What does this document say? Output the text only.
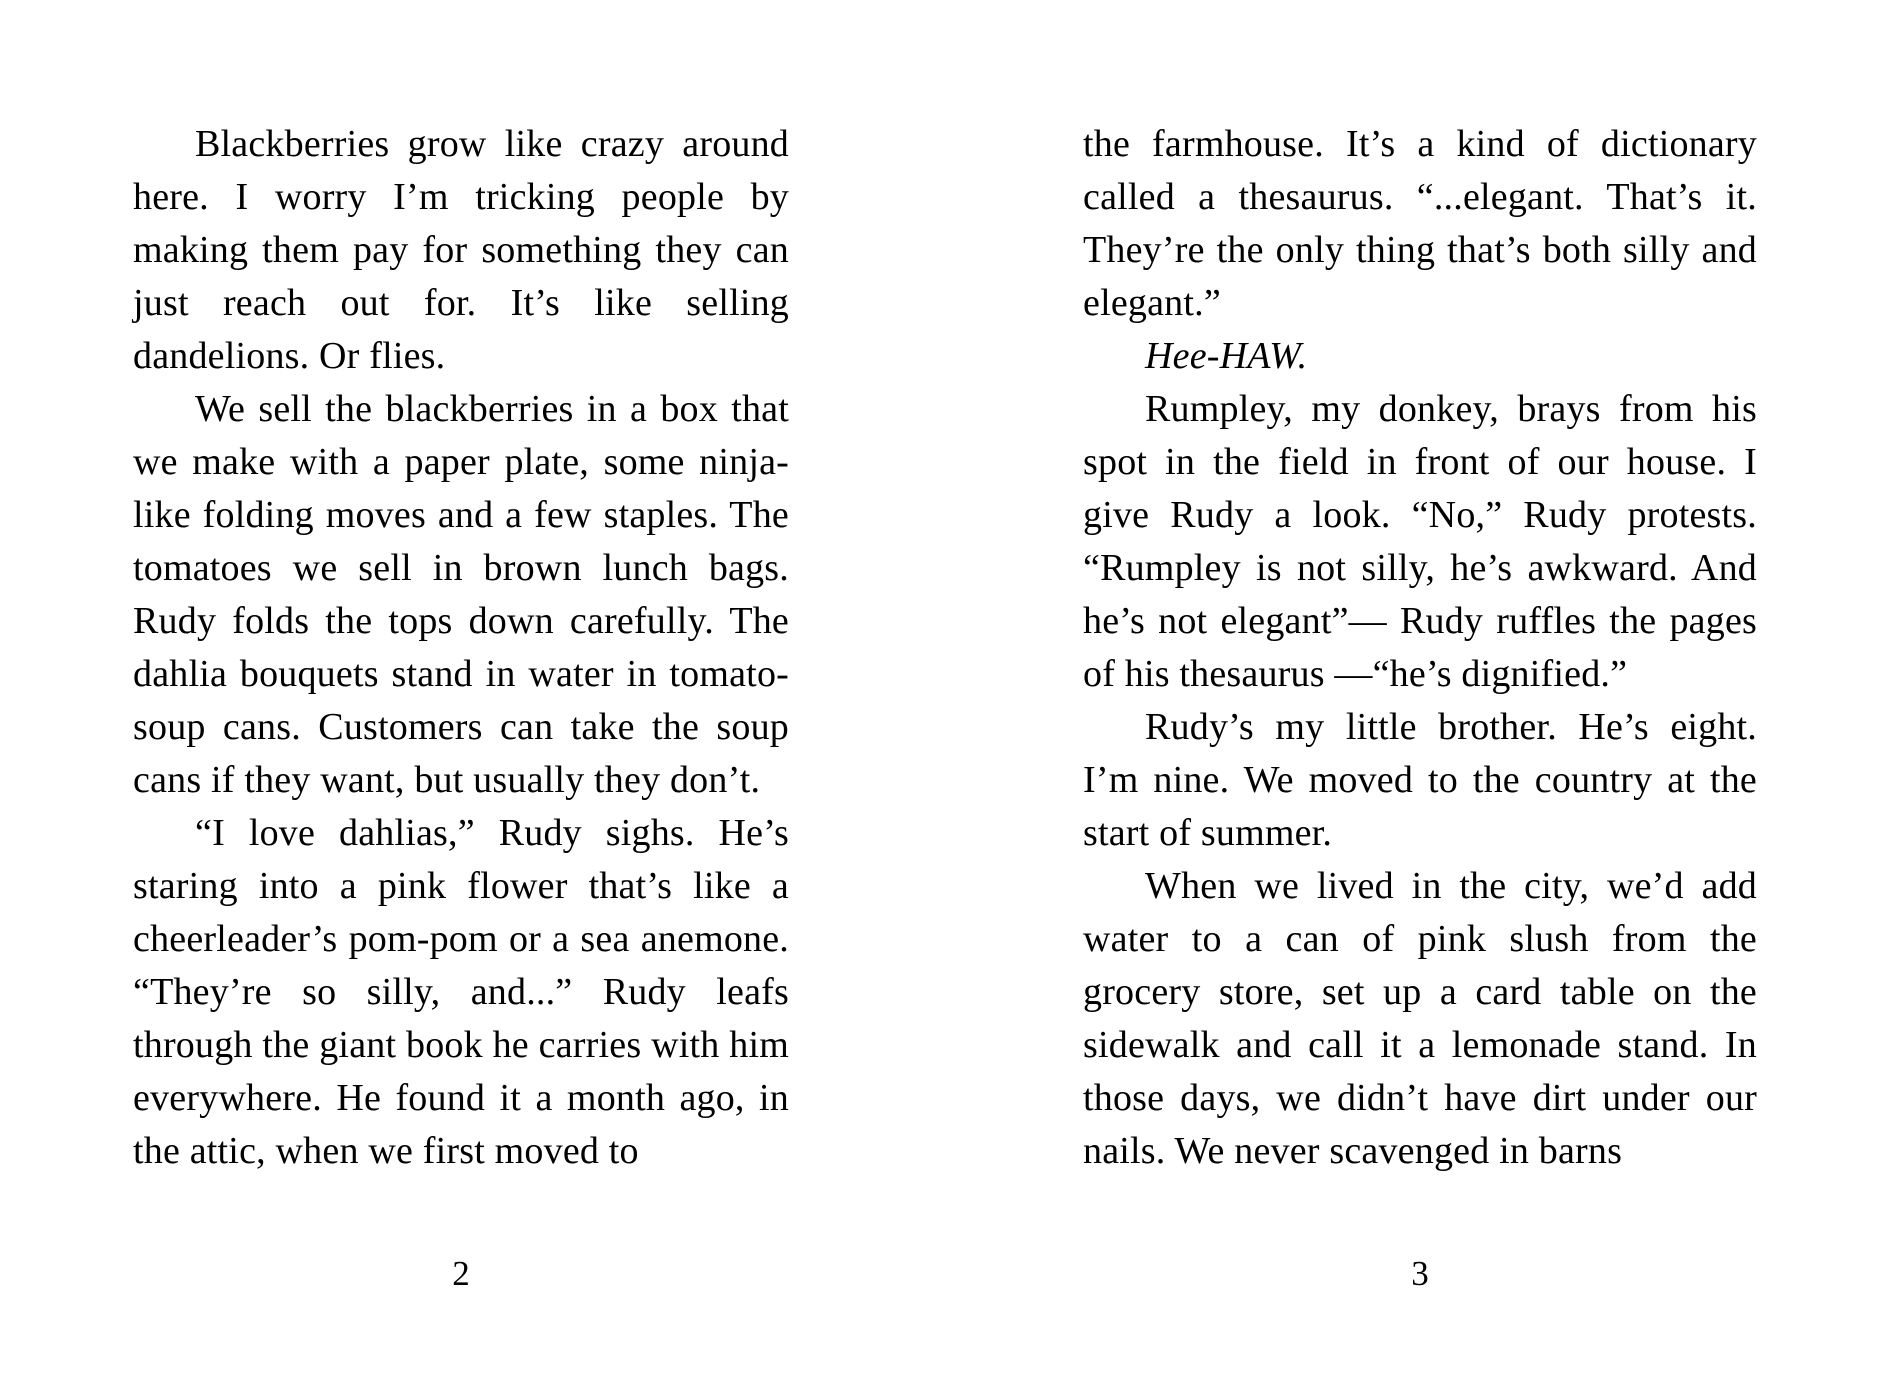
Blackberries grow like crazy around here. I worry I’m tricking people by making them pay for something they can just reach out for. It’s like selling dandelions. Or flies.

We sell the blackberries in a box that we make with a paper plate, some ninja-like folding moves and a few staples. The tomatoes we sell in brown lunch bags. Rudy folds the tops down carefully. The dahlia bouquets stand in water in tomato-soup cans. Customers can take the soup cans if they want, but usually they don’t.

“I love dahlias,” Rudy sighs. He’s staring into a pink flower that’s like a cheerleader’s pom-pom or a sea anemone. “They’re so silly, and...” Rudy leafs through the giant book he carries with him everywhere. He found it a month ago, in the attic, when we first moved to

2

the farmhouse. It’s a kind of dictionary called a thesaurus. “...elegant. That’s it. They’re the only thing that’s both silly and elegant.”

Hee-HAW.

Rumpley, my donkey, brays from his spot in the field in front of our house. I give Rudy a look. “No,” Rudy protests. “Rumpley is not silly, he’s awkward. And he’s not elegant”— Rudy ruffles the pages of his thesaurus —“he’s dignified.”

Rudy’s my little brother. He’s eight. I’m nine. We moved to the country at the start of summer.

When we lived in the city, we’d add water to a can of pink slush from the grocery store, set up a card table on the sidewalk and call it a lemonade stand. In those days, we didn’t have dirt under our nails. We never scavenged in barns

3
